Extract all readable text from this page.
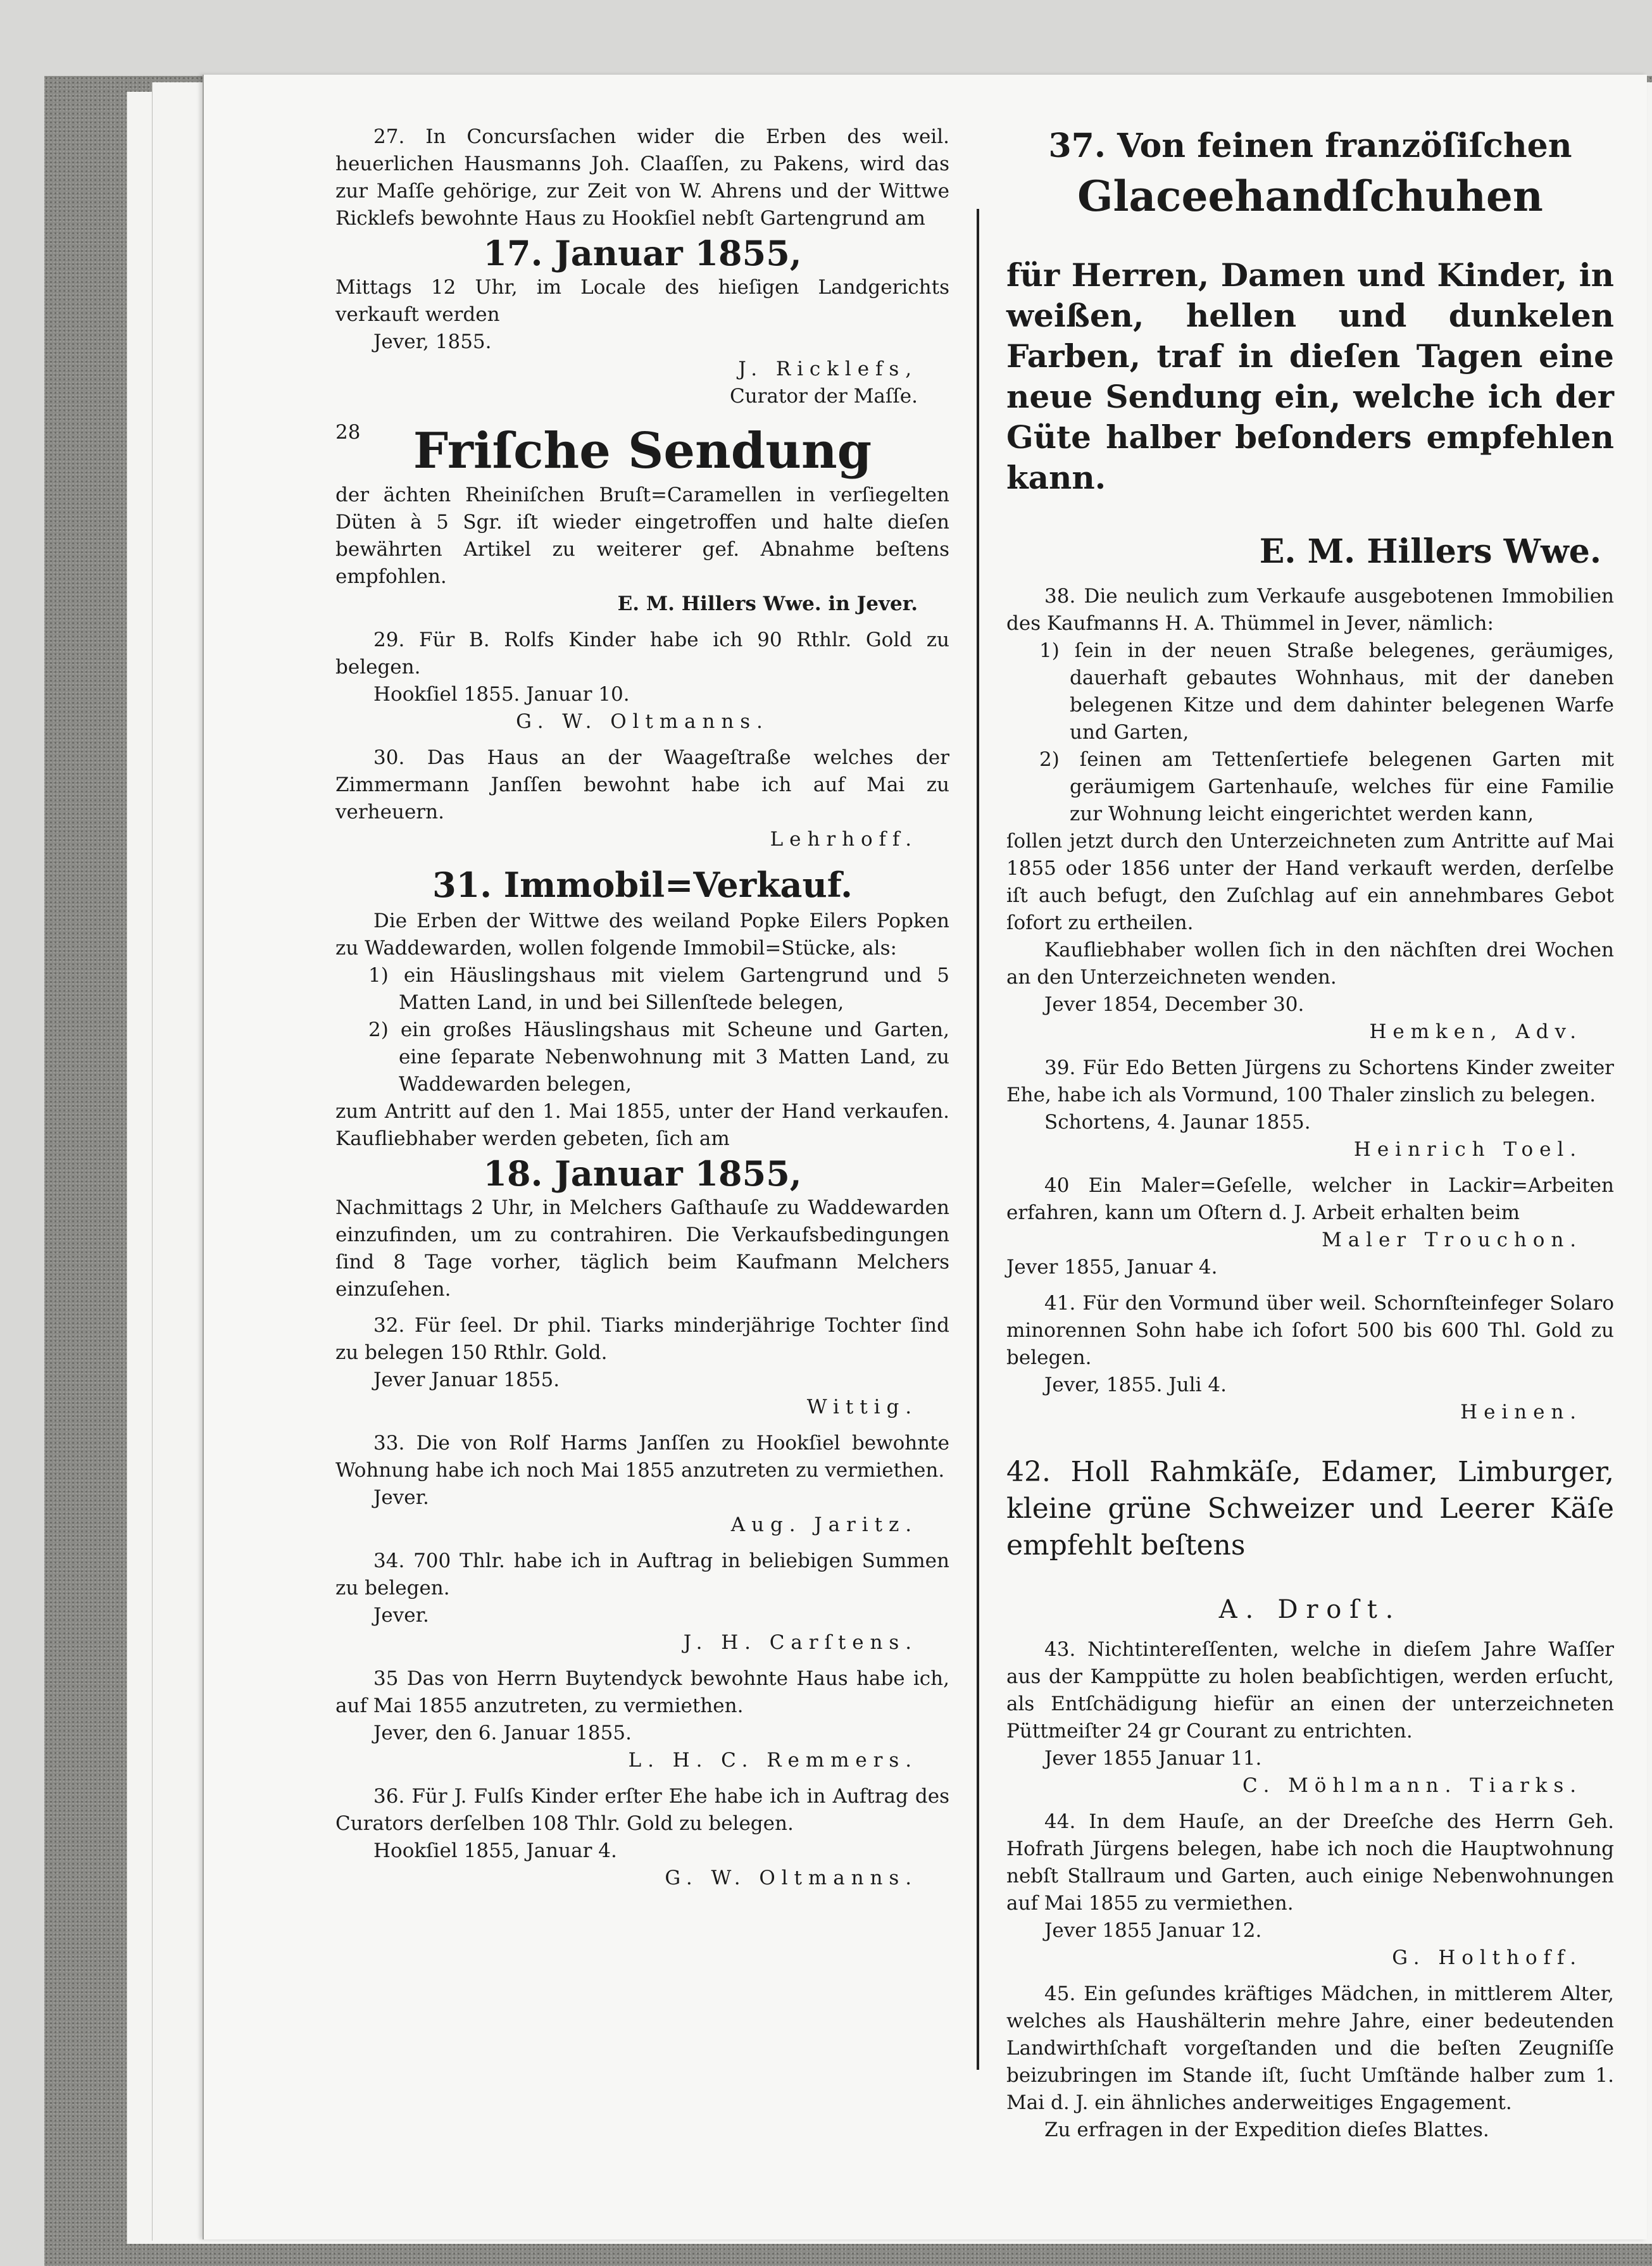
27. In Concursſachen wider die Erben des weil. heuerlichen Hausmanns Joh. Claaſſen, zu Pakens, wird das zur Maſſe gehörige, zur Zeit von W. Ahrens und der Wittwe Ricklefs bewohnte Haus zu Hookſiel nebſt Gartengrund am

17. Januar 1855,

Mittags 12 Uhr, im Locale des hieſigen Landgerichts verkauft werden

Jever, 1855.

J. Ricklefs,

Curator der Maſſe.

28	Friſche Sendung

der ächten Rheiniſchen Bruſt=Caramellen in verſiegelten Düten à 5 Sgr. iſt wieder eingetroffen und halte dieſen bewährten Artikel zu weiterer gef. Abnahme beſtens empfohlen.

E. M. Hillers Wwe. in Jever.

29. Für B. Rolfs Kinder habe ich 90 Rthlr. Gold zu belegen.

Hookſiel 1855. Januar 10.

G. W. Oltmanns.

30. Das Haus an der Waageſtraße welches der Zimmermann Janſſen bewohnt habe ich auf Mai zu verheuern.

Lehrhoff.

31. Immobil=Verkauf.

Die Erben der Wittwe des weiland Popke Eilers Popken zu Waddewarden, wollen folgende Immobil=Stücke, als:

1) ein Häuslingshaus mit vielem Gartengrund und 5 Matten Land, in und bei Sillenſtede belegen,

2) ein großes Häuslingshaus mit Scheune und Garten, eine ſeparate Nebenwohnung mit 3 Matten Land, zu Waddewarden belegen,

zum Antritt auf den 1. Mai 1855, unter der Hand verkaufen. Kaufliebhaber werden gebeten, ſich am

18. Januar 1855,

Nachmittags 2 Uhr, in Melchers Gaſthauſe zu Waddewarden einzufinden, um zu contrahiren. Die Verkaufsbedingungen ſind 8 Tage vorher, täglich beim Kaufmann Melchers einzuſehen.

32. Für ſeel. Dr phil. Tiarks minderjährige Tochter ſind zu belegen 150 Rthlr. Gold.

Jever Januar 1855.

Wittig.

33. Die von Rolf Harms Janſſen zu Hookſiel bewohnte Wohnung habe ich noch Mai 1855 anzutreten zu vermiethen.

Jever.

Aug. Jaritz.

34. 700 Thlr. habe ich in Auftrag in beliebigen Summen zu belegen.

Jever.

J. H. Carſtens.

35 Das von Herrn Buytendyck bewohnte Haus habe ich, auf Mai 1855 anzutreten, zu vermiethen.

Jever, den 6. Januar 1855.

L. H. C. Remmers.

36. Für J. Fulſs Kinder erſter Ehe habe ich in Auftrag des Curators derſelben 108 Thlr. Gold zu belegen.

Hookſiel 1855, Januar 4.

G. W. Oltmanns.

37. Von feinen franzöſiſchen
Glaceehandſchuhen

für Herren, Damen und Kinder, in weißen, hellen und dunkelen Farben, traf in dieſen Tagen eine neue Sendung ein, welche ich der Güte halber beſonders empfehlen kann.

E. M. Hillers Wwe.

38. Die neulich zum Verkaufe ausgebotenen Immobilien des Kaufmanns H. A. Thümmel in Jever, nämlich:

1) ſein in der neuen Straße belegenes, geräumiges, dauerhaft gebautes Wohnhaus, mit der daneben belegenen Kitze und dem dahinter belegenen Warfe und Garten,

2) ſeinen am Tettenſertiefe belegenen Garten mit geräumigem Gartenhauſe, welches für eine Familie zur Wohnung leicht eingerichtet werden kann,

ſollen jetzt durch den Unterzeichneten zum Antritte auf Mai 1855 oder 1856 unter der Hand verkauft werden, derſelbe iſt auch befugt, den Zuſchlag auf ein annehmbares Gebot ſofort zu ertheilen.

Kaufliebhaber wollen ſich in den nächſten drei Wochen an den Unterzeichneten wenden.

Jever 1854, December 30.

Hemken, Adv.

39. Für Edo Betten Jürgens zu Schortens Kinder zweiter Ehe, habe ich als Vormund, 100 Thaler zinslich zu belegen.

Schortens, 4. Jaunar 1855.

Heinrich Toel.

40 Ein Maler=Geſelle, welcher in Lackir=Arbeiten erfahren, kann um Oſtern d. J. Arbeit erhalten beim

Maler Trouchon.

Jever 1855, Januar 4.

41. Für den Vormund über weil. Schornſteinfeger Solaro minorennen Sohn habe ich ſofort 500 bis 600 Thl. Gold zu belegen.

Jever, 1855. Juli 4.

Heinen.

42. Holl Rahmkäſe, Edamer, Limburger, kleine grüne Schweizer und Leerer Käſe empfehlt beſtens

A. Droſt.

43. Nichtintereſſenten, welche in dieſem Jahre Waſſer aus der Kamppütte zu holen beabſichtigen, werden erſucht, als Entſchädigung hiefür an einen der unterzeichneten Püttmeiſter 24 gr Courant zu entrichten.

Jever 1855 Januar 11.

C. Möhlmann. Tiarks.

44. In dem Hauſe, an der Dreeſche des Herrn Geh. Hofrath Jürgens belegen, habe ich noch die Hauptwohnung nebſt Stallraum und Garten, auch einige Nebenwohnungen auf Mai 1855 zu vermiethen.

Jever 1855 Januar 12.

G. Holthoff.

45. Ein geſundes kräftiges Mädchen, in mittlerem Alter, welches als Haushälterin mehre Jahre, einer bedeutenden Landwirthſchaft vorgeſtanden und die beſten Zeugniſſe beizubringen im Stande iſt, ſucht Umſtände halber zum 1. Mai d. J. ein ähnliches anderweitiges Engagement.

Zu erfragen in der Expedition dieſes Blattes.
